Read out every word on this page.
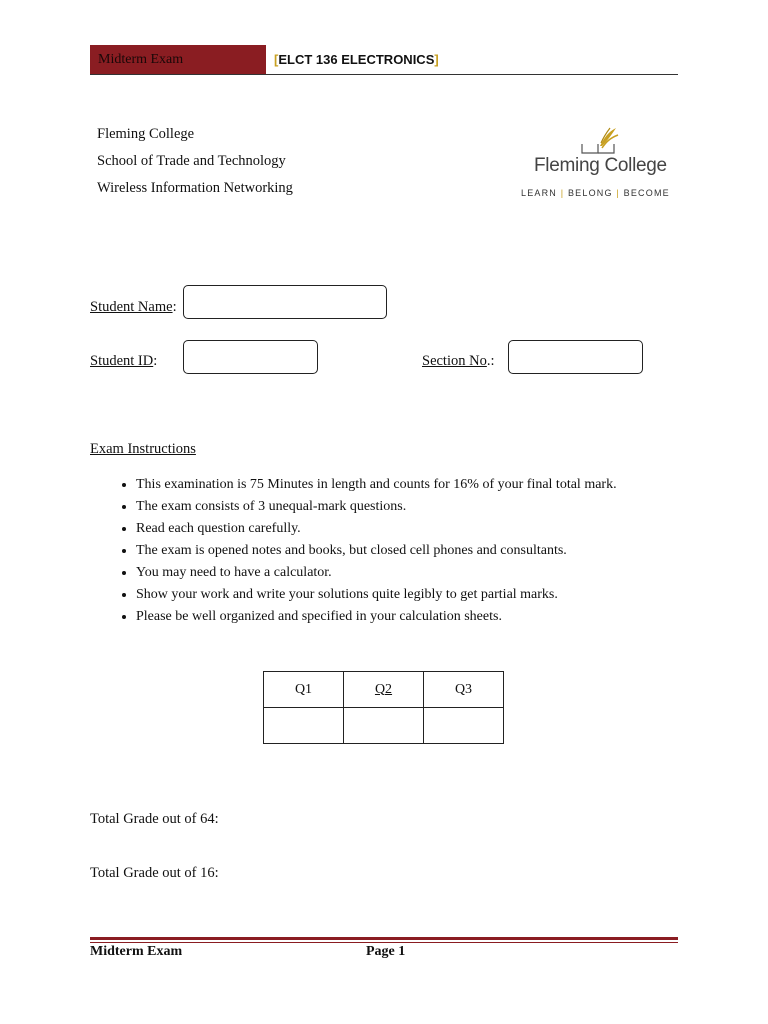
Midterm Exam	[ELCT 136 ELECTRONICS]
Fleming College
School of Trade and Technology
Wireless Information Networking
Fleming College
LEARN | BELONG | BECOME
Student Name:
Student ID:	Section No.:
Exam Instructions
• This examination is 75 Minutes in length and counts for 16% of your final total mark.
• The exam consists of 3 unequal-mark questions.
• Read each question carefully.
• The exam is opened notes and books, but closed cell phones and consultants.
• You may need to have a calculator.
• Show your work and write your solutions quite legibly to get partial marks.
• Please be well organized and specified in your calculation sheets.
Q1	Q2	Q3

Total Grade out of 64:
Total Grade out of 16:
Midterm Exam	Page 1
